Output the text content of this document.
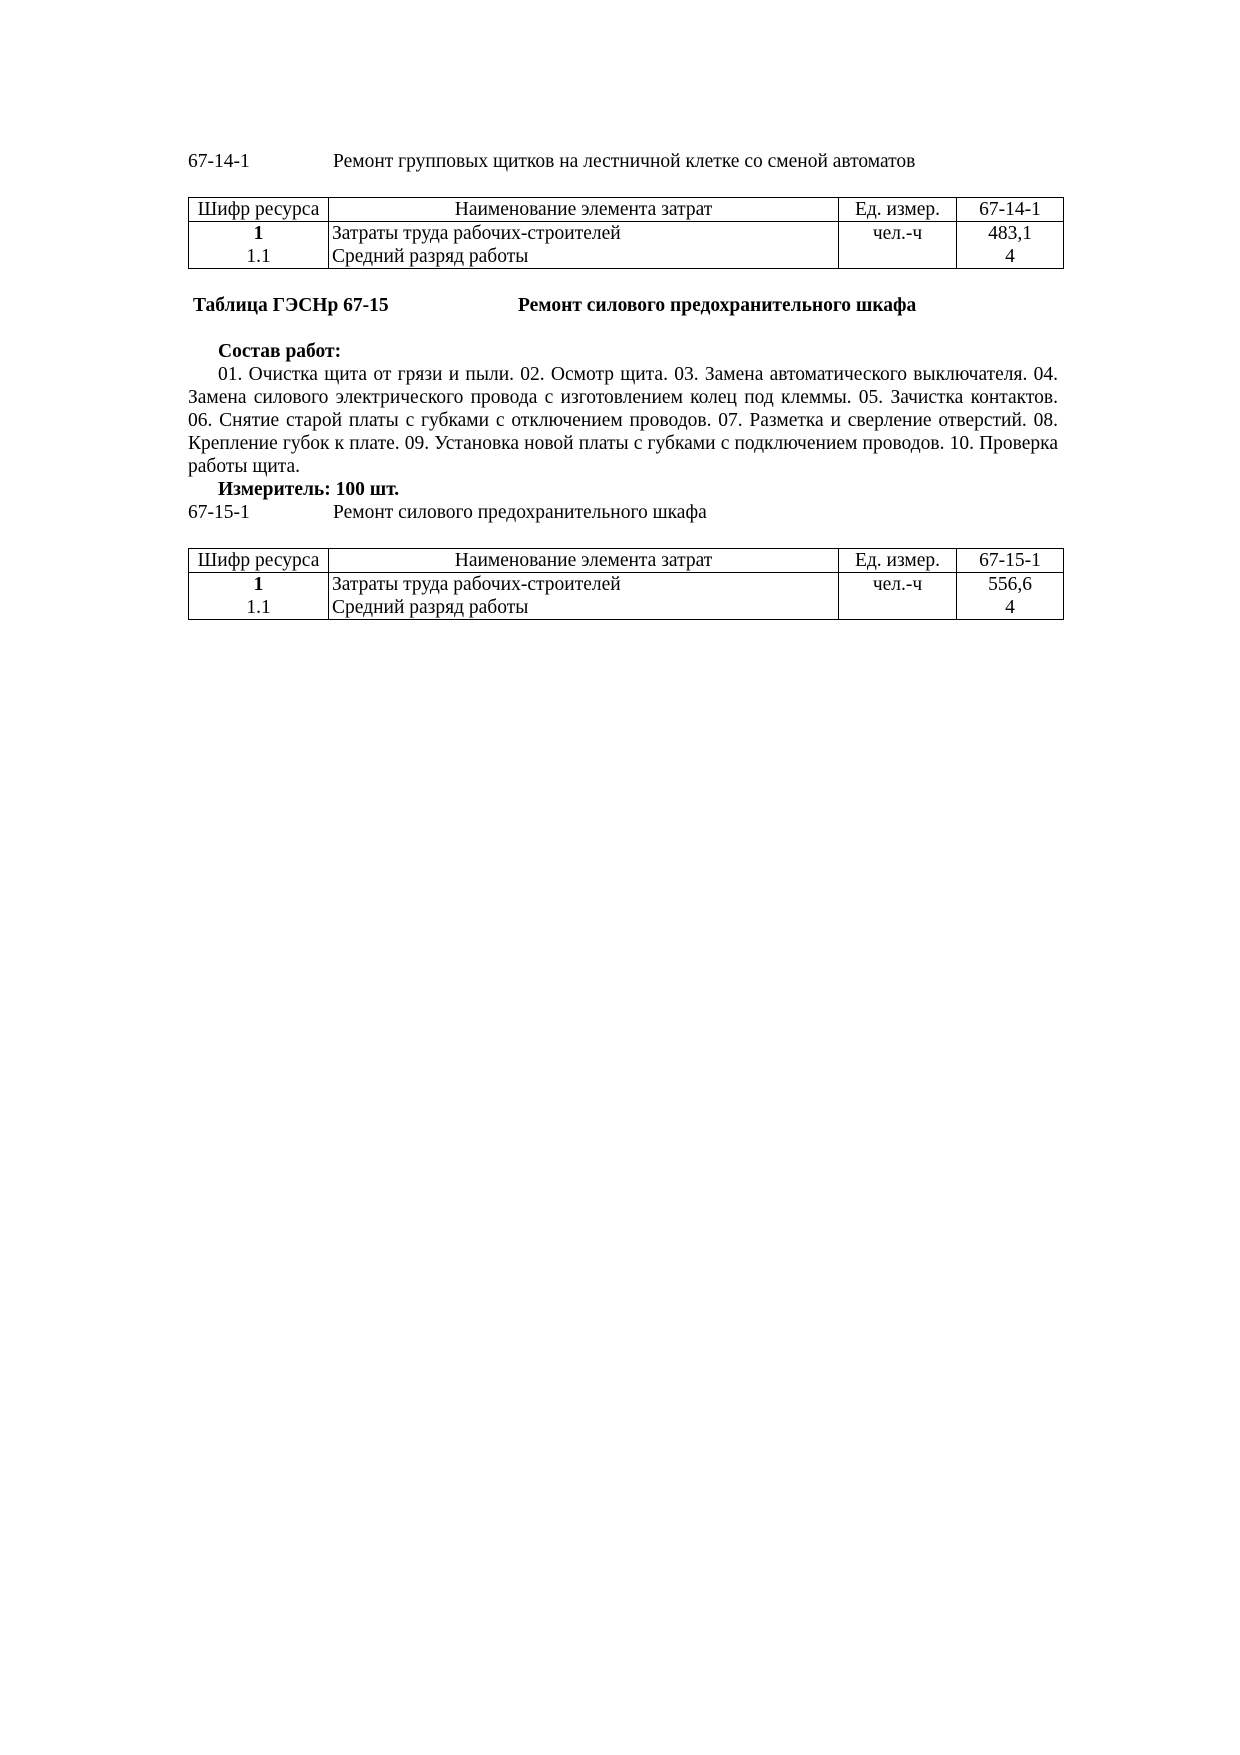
67-14-1	Ремонт групповых щитков на лестничной клетке со сменой автоматов
Шифр ресурса	Наименование элемента затрат	Ед. измер.	67-14-1
1	Затраты труда рабочих-строителей	чел.-ч	483,1
1.1	Средний разряд работы		4
Таблица ГЭСНр 67-15	Ремонт силового предохранительного шкафа
Состав работ:

01. Очистка щита от грязи и пыли. 02. Осмотр щита. 03. Замена автоматического выключателя. 04. Замена силового электрического провода с изготовлением колец под клеммы. 05. Зачистка контактов. 06. Снятие старой платы с губками с отключением проводов. 07. Разметка и сверление отверстий. 08. Крепление губок к плате. 09. Установка новой платы с губками с подключением проводов. 10. Проверка работы щита.

Измеритель: 100 шт.
67-15-1	Ремонт силового предохранительного шкафа
Шифр ресурса	Наименование элемента затрат	Ед. измер.	67-15-1
1	Затраты труда рабочих-строителей	чел.-ч	556,6
1.1	Средний разряд работы		4
